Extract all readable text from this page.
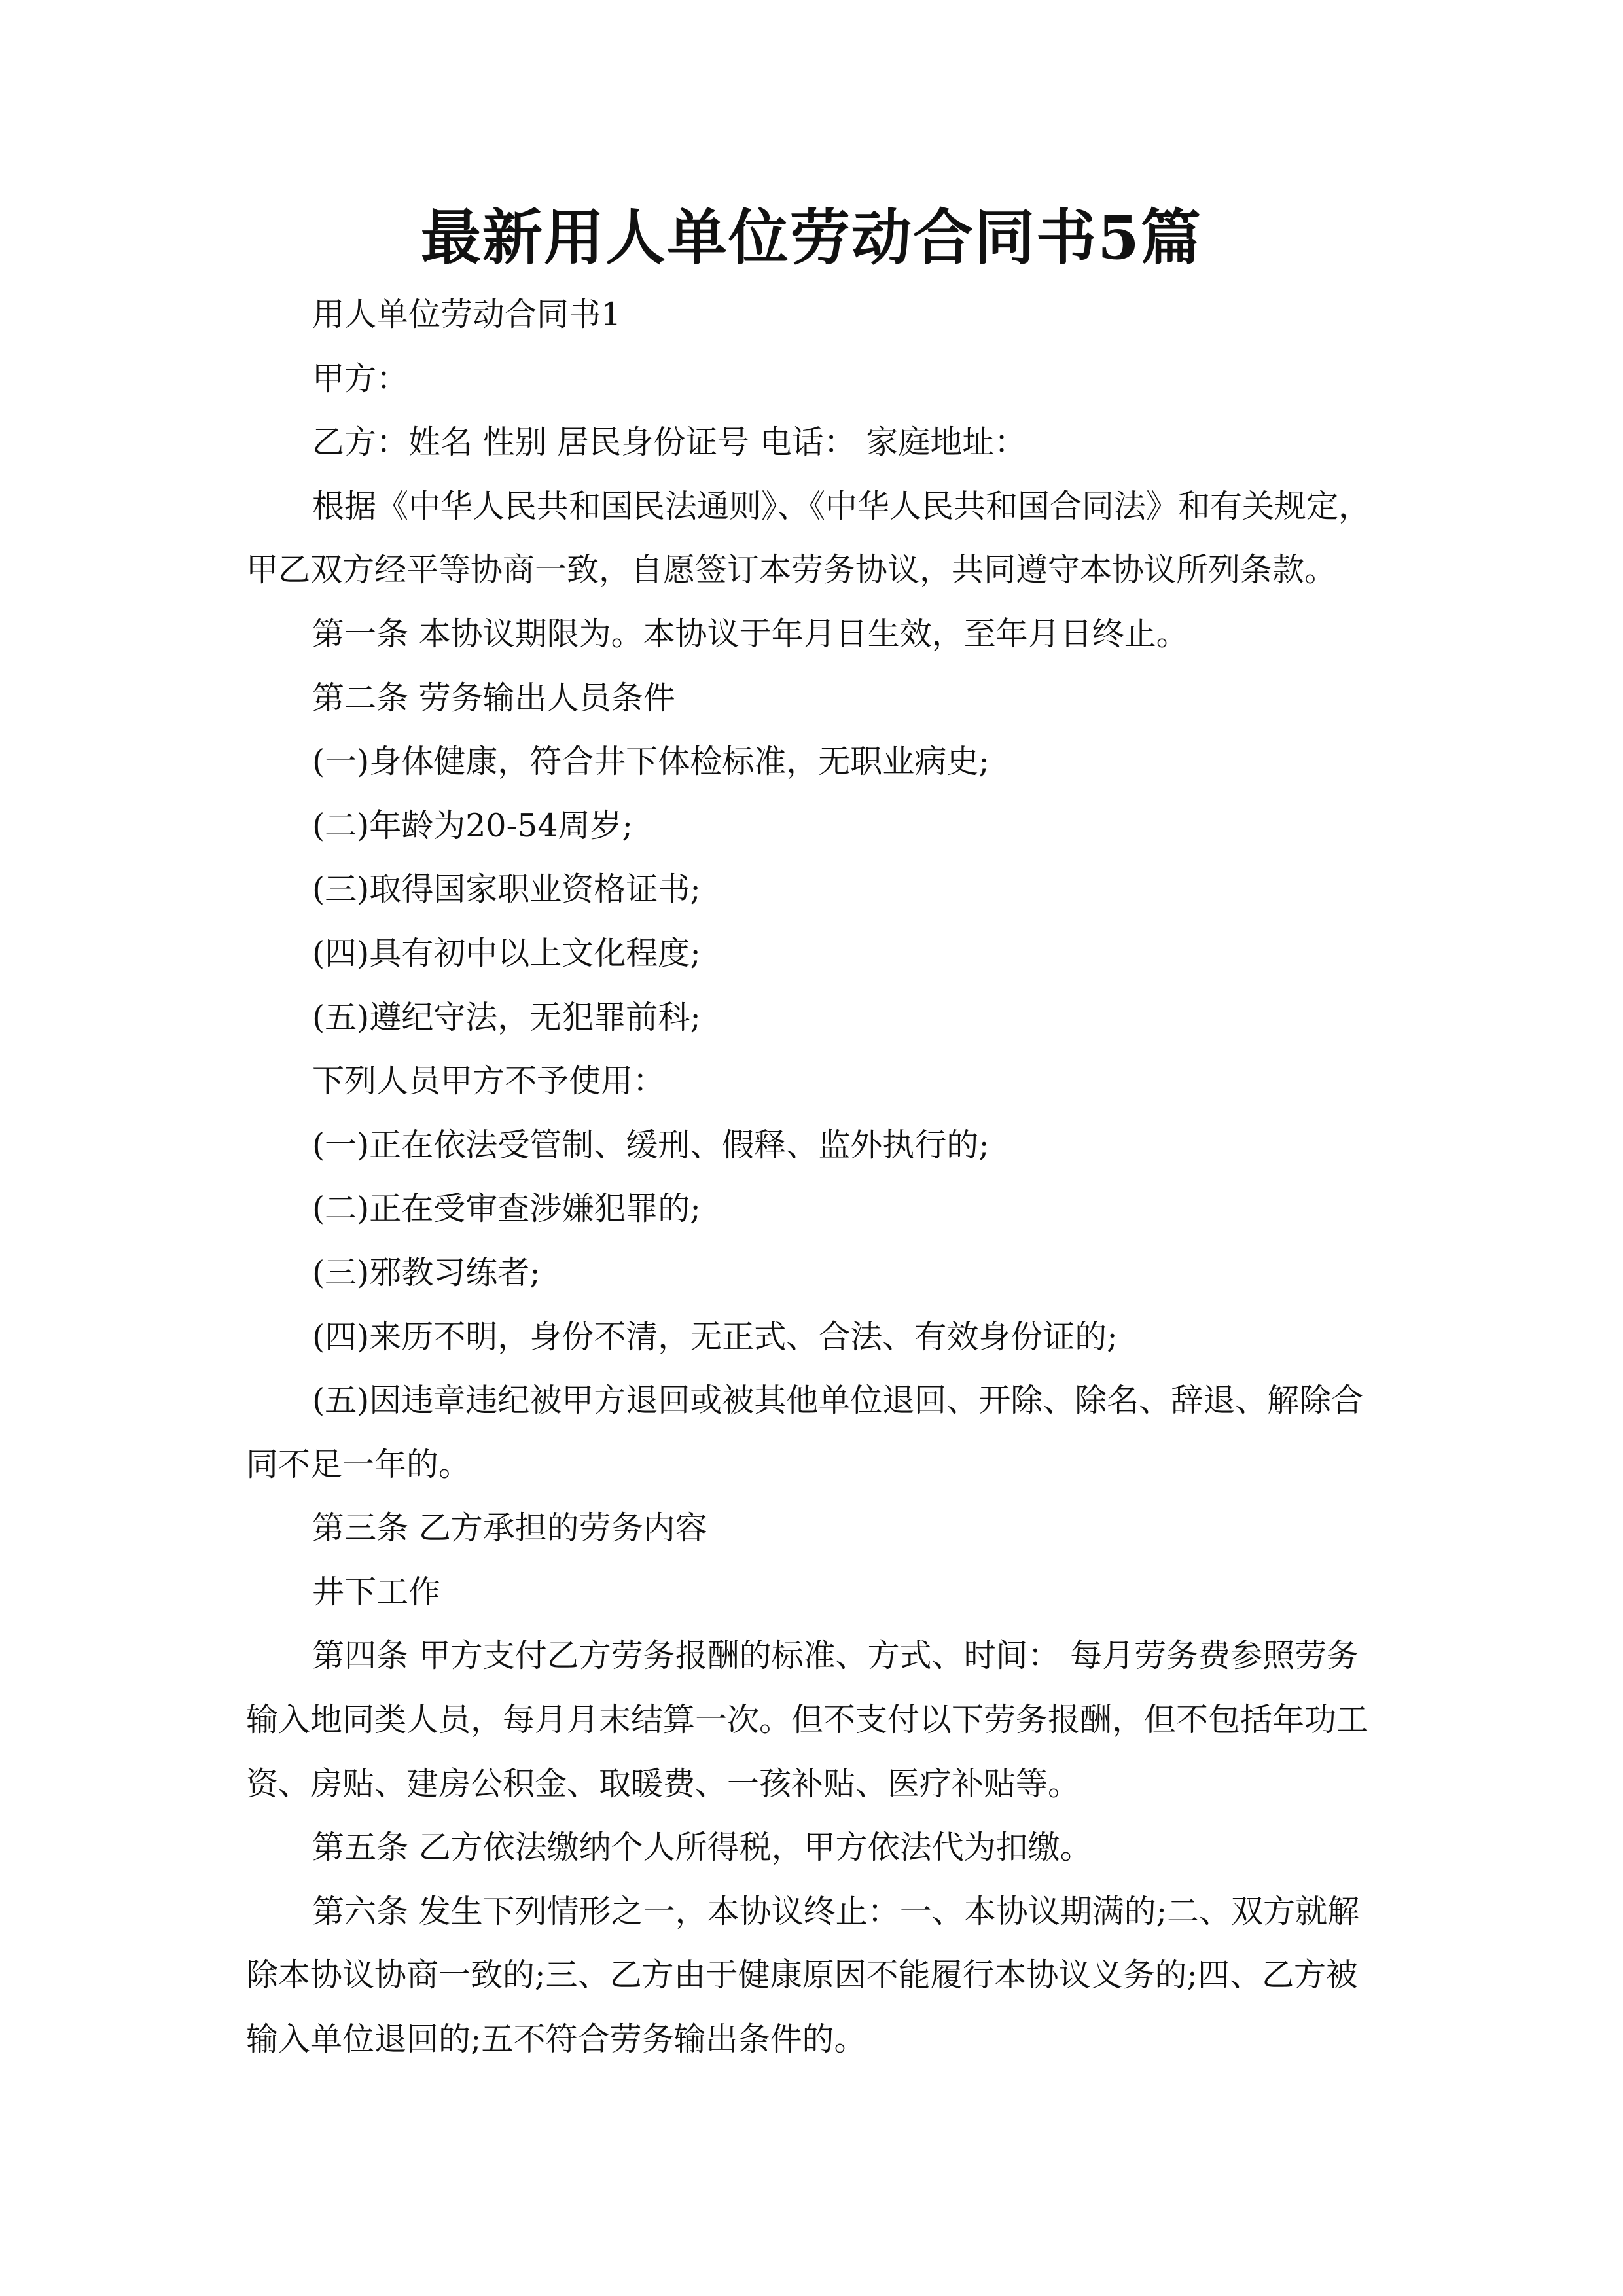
最新用人单位劳动合同书5篇
用人单位劳动合同书1
甲方：
乙方：姓名 性别 居民身份证号 电话： 家庭地址：
根据《中华人民共和国民法通则》、《中华人民共和国合同法》和有关规定，
甲乙双方经平等协商一致，自愿签订本劳务协议，共同遵守本协议所列条款。
第一条 本协议期限为。本协议于年月日生效，至年月日终止。
第二条 劳务输出人员条件
(一)身体健康，符合井下体检标准，无职业病史;
(二)年龄为20-54周岁;
(三)取得国家职业资格证书;
(四)具有初中以上文化程度;
(五)遵纪守法，无犯罪前科;
下列人员甲方不予使用：
(一)正在依法受管制、缓刑、假释、监外执行的;
(二)正在受审查涉嫌犯罪的;
(三)邪教习练者;
(四)来历不明，身份不清，无正式、合法、有效身份证的;
(五)因违章违纪被甲方退回或被其他单位退回、开除、除名、辞退、解除合
同不足一年的。
第三条 乙方承担的劳务内容
井下工作
第四条 甲方支付乙方劳务报酬的标准、方式、时间： 每月劳务费参照劳务
输入地同类人员，每月月末结算一次。但不支付以下劳务报酬，但不包括年功工
资、房贴、建房公积金、取暖费、一孩补贴、医疗补贴等。
第五条 乙方依法缴纳个人所得税，甲方依法代为扣缴。
第六条 发生下列情形之一，本协议终止：一、本协议期满的;二、双方就解
除本协议协商一致的;三、乙方由于健康原因不能履行本协议义务的;四、乙方被
输入单位退回的;五不符合劳务输出条件的。
